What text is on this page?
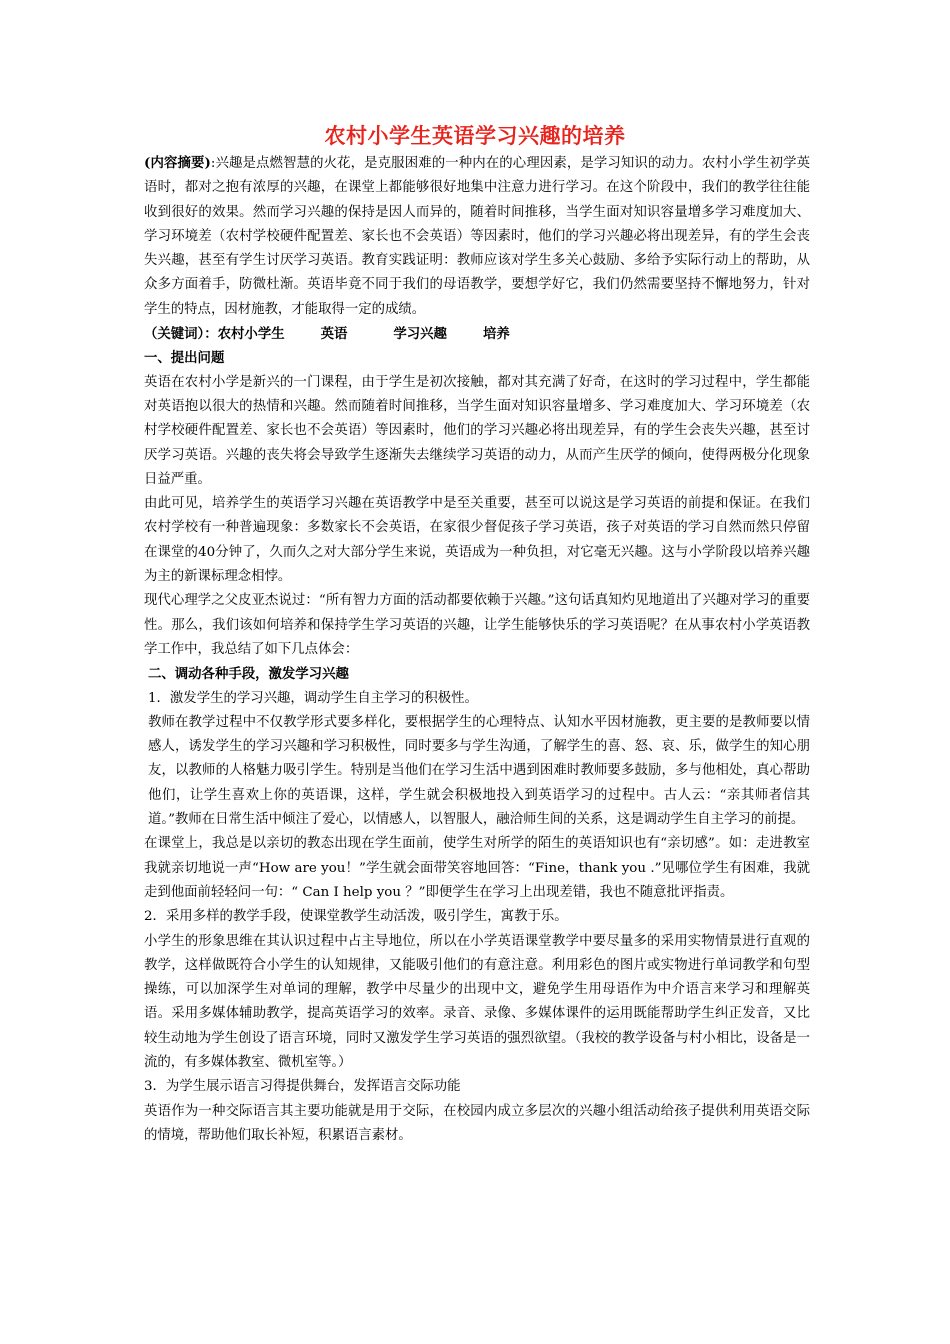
农村小学生英语学习兴趣的培养

(内容摘要):兴趣是点燃智慧的火花，是克服困难的一种内在的心理因素，是学习知识的动力。农村小学生初学英语时，都对之抱有浓厚的兴趣，在课堂上都能够很好地集中注意力进行学习。在这个阶段中，我们的教学往往能收到很好的效果。然而学习兴趣的保持是因人而异的，随着时间推移，当学生面对知识容量增多学习难度加大、学习环境差（农村学校硬件配置差、家长也不会英语）等因素时，他们的学习兴趣必将出现差异，有的学生会丧失兴趣，甚至有学生讨厌学习英语。教育实践证明：教师应该对学生多关心鼓励、多给予实际行动上的帮助，从众多方面着手，防微杜渐。英语毕竟不同于我们的母语教学，要想学好它，我们仍然需要坚持不懈地努力，针对学生的特点，因材施教，才能取得一定的成绩。

（关键词）：农村小学生	英语	学习兴趣	培养

一、提出问题

英语在农村小学是新兴的一门课程，由于学生是初次接触，都对其充满了好奇，在这时的学习过程中，学生都能对英语抱以很大的热情和兴趣。然而随着时间推移，当学生面对知识容量增多、学习难度加大、学习环境差（农村学校硬件配置差、家长也不会英语）等因素时，他们的学习兴趣必将出现差异，有的学生会丧失兴趣，甚至讨厌学习英语。兴趣的丧失将会导致学生逐渐失去继续学习英语的动力，从而产生厌学的倾向，使得两极分化现象日益严重。

由此可见，培养学生的英语学习兴趣在英语教学中是至关重要，甚至可以说这是学习英语的前提和保证。在我们农村学校有一种普遍现象：多数家长不会英语，在家很少督促孩子学习英语，孩子对英语的学习自然而然只停留在课堂的40分钟了，久而久之对大部分学生来说，英语成为一种负担，对它毫无兴趣。这与小学阶段以培养兴趣为主的新课标理念相悖。

现代心理学之父皮亚杰说过：“所有智力方面的活动都要依赖于兴趣。”这句话真知灼见地道出了兴趣对学习的重要性。那么，我们该如何培养和保持学生学习英语的兴趣，让学生能够快乐的学习英语呢？在从事农村小学英语教学工作中，我总结了如下几点体会：

二、调动各种手段，激发学习兴趣

1．激发学生的学习兴趣，调动学生自主学习的积极性。

教师在教学过程中不仅教学形式要多样化，要根据学生的心理特点、认知水平因材施教，更主要的是教师要以情感人，诱发学生的学习兴趣和学习积极性，同时要多与学生沟通，了解学生的喜、怒、哀、乐，做学生的知心朋友，以教师的人格魅力吸引学生。特别是当他们在学习生活中遇到困难时教师要多鼓励，多与他相处，真心帮助他们，让学生喜欢上你的英语课，这样，学生就会积极地投入到英语学习的过程中。古人云：“亲其师者信其道。”教师在日常生活中倾注了爱心，以情感人，以智服人，融洽师生间的关系，这是调动学生自主学习的前提。

在课堂上，我总是以亲切的教态出现在学生面前，使学生对所学的陌生的英语知识也有“亲切感”。如：走进教室我就亲切地说一声“How are you！”学生就会面带笑容地回答：“Fine，thank you .”见哪位学生有困难，我就走到他面前轻轻问一句：“ Can I help you ？”即便学生在学习上出现差错，我也不随意批评指责。

2．采用多样的教学手段，使课堂教学生动活泼，吸引学生，寓教于乐。

小学生的形象思维在其认识过程中占主导地位，所以在小学英语课堂教学中要尽量多的采用实物情景进行直观的教学，这样做既符合小学生的认知规律，又能吸引他们的有意注意。利用彩色的图片或实物进行单词教学和句型操练，可以加深学生对单词的理解，教学中尽量少的出现中文，避免学生用母语作为中介语言来学习和理解英语。采用多媒体辅助教学，提高英语学习的效率。录音、录像、多媒体课件的运用既能帮助学生纠正发音，又比较生动地为学生创设了语言环境，同时又激发学生学习英语的强烈欲望。（我校的教学设备与村小相比，设备是一流的，有多媒体教室、微机室等。）

3．为学生展示语言习得提供舞台，发挥语言交际功能

英语作为一种交际语言其主要功能就是用于交际，在校园内成立多层次的兴趣小组活动给孩子提供利用英语交际的情境，帮助他们取长补短，积累语言素材。
